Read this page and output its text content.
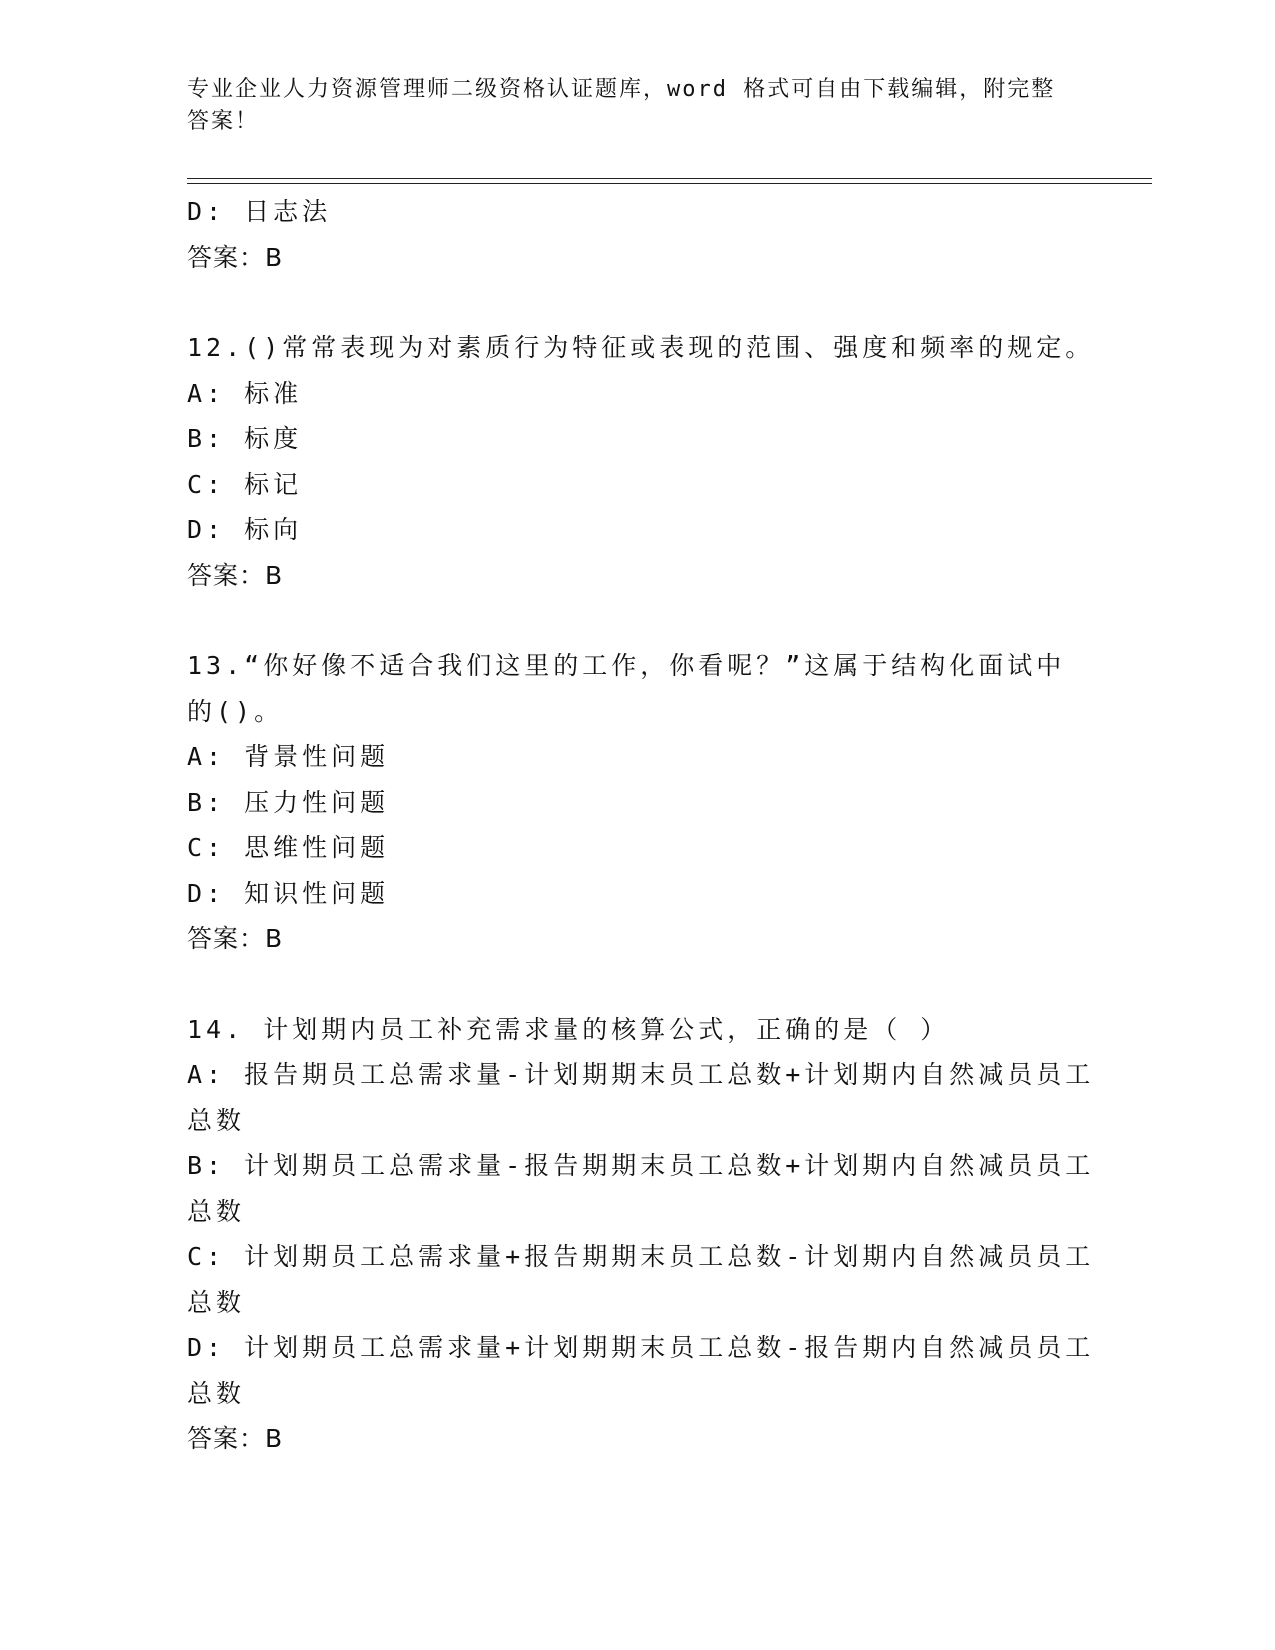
专业企业人力资源管理师二级资格认证题库，word 格式可自由下载编辑，附完整答案！
D: 日志法
答案：B
12.()常常表现为对素质行为特征或表现的范围、强度和频率的规定。
A: 标准
B: 标度
C: 标记
D: 标向
答案：B
13.“你好像不适合我们这里的工作，你看呢？”这属于结构化面试中
的()。
A: 背景性问题
B: 压力性问题
C: 思维性问题
D: 知识性问题
答案：B
14. 计划期内员工补充需求量的核算公式，正确的是（ ）
A: 报告期员工总需求量-计划期期末员工总数+计划期内自然减员员工
总数
B: 计划期员工总需求量-报告期期末员工总数+计划期内自然减员员工
总数
C: 计划期员工总需求量+报告期期末员工总数-计划期内自然减员员工
总数
D: 计划期员工总需求量+计划期期末员工总数-报告期内自然减员员工
总数
答案：B
